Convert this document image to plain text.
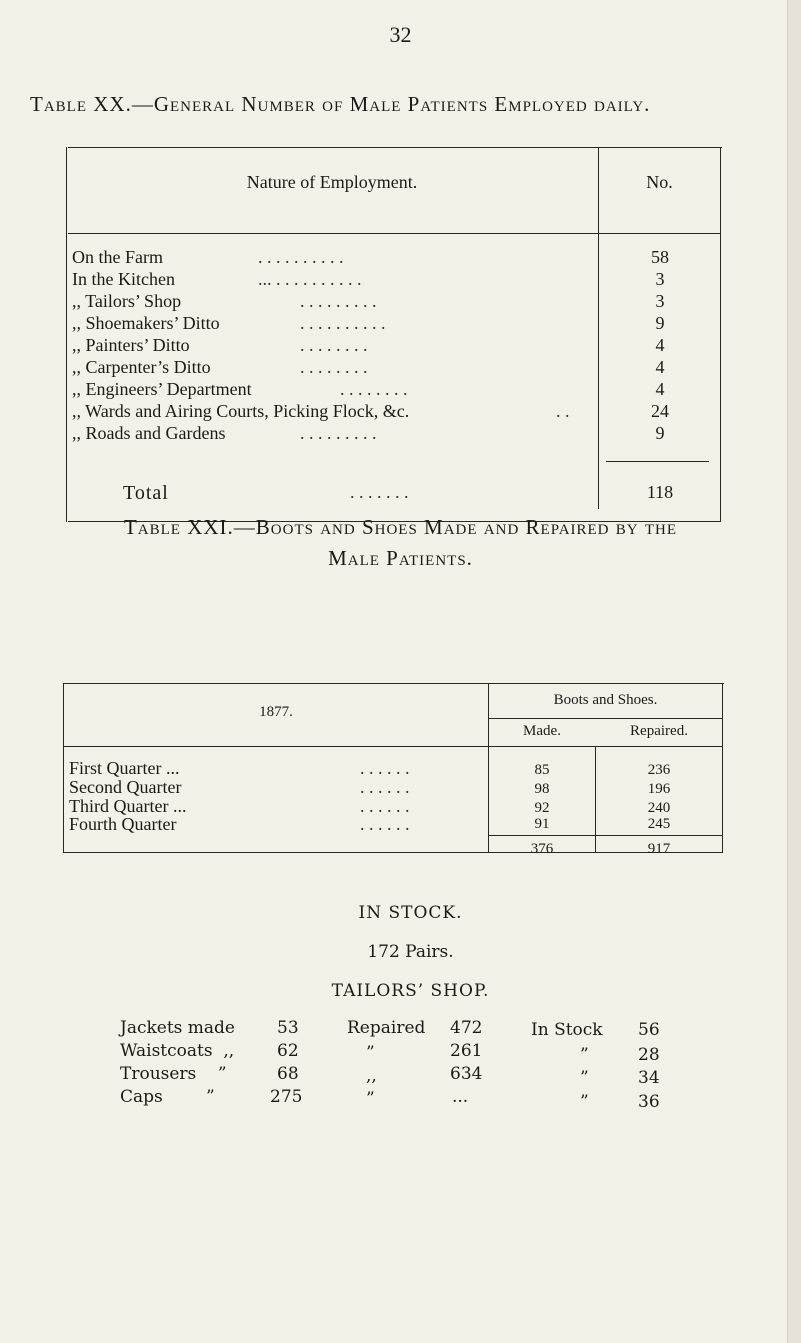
32
Table XX.—General Number of Male Patients Employed daily.
Nature of Employment.	No.
On the Farm	. . . . . . . . . .	58
In the Kitchen	... . . . . . . . . . .	3
,, Tailors’ Shop	. . . . . . . . .	3
,, Shoemakers’ Ditto	. . . . . . . . . .	9
,, Painters’ Ditto	. . . . . . . .	4
,, Carpenter’s Ditto	. . . . . . . .	4
,, Engineers’ Department	. . . . . . . .	4
,, Wards and Airing Courts, Picking Flock, &c.	. .	24
,, Roads and Gardens	. . . . . . . . .	9
Total	. . . . . . .	118
Table XXI.—Boots and Shoes Made and Repaired by the
Male Patients.
1877.
Boots and Shoes.
Made.	Repaired.
First Quarter ...	. . . . . .	85	236
Second Quarter	. . . . . .	98	196
Third Quarter ...	. . . . . .	92	240
Fourth Quarter	. . . . . .	91	245
376	917
IN STOCK.
172 Pairs.
TAILORS’ SHOP.
Jackets made 53	Repaired 472	In Stock 56
Waistcoats  ,,	62	”	261	”	28
Trousers    ”	68	,,	634	”	34
Caps        ”	275	”	...	”	36
